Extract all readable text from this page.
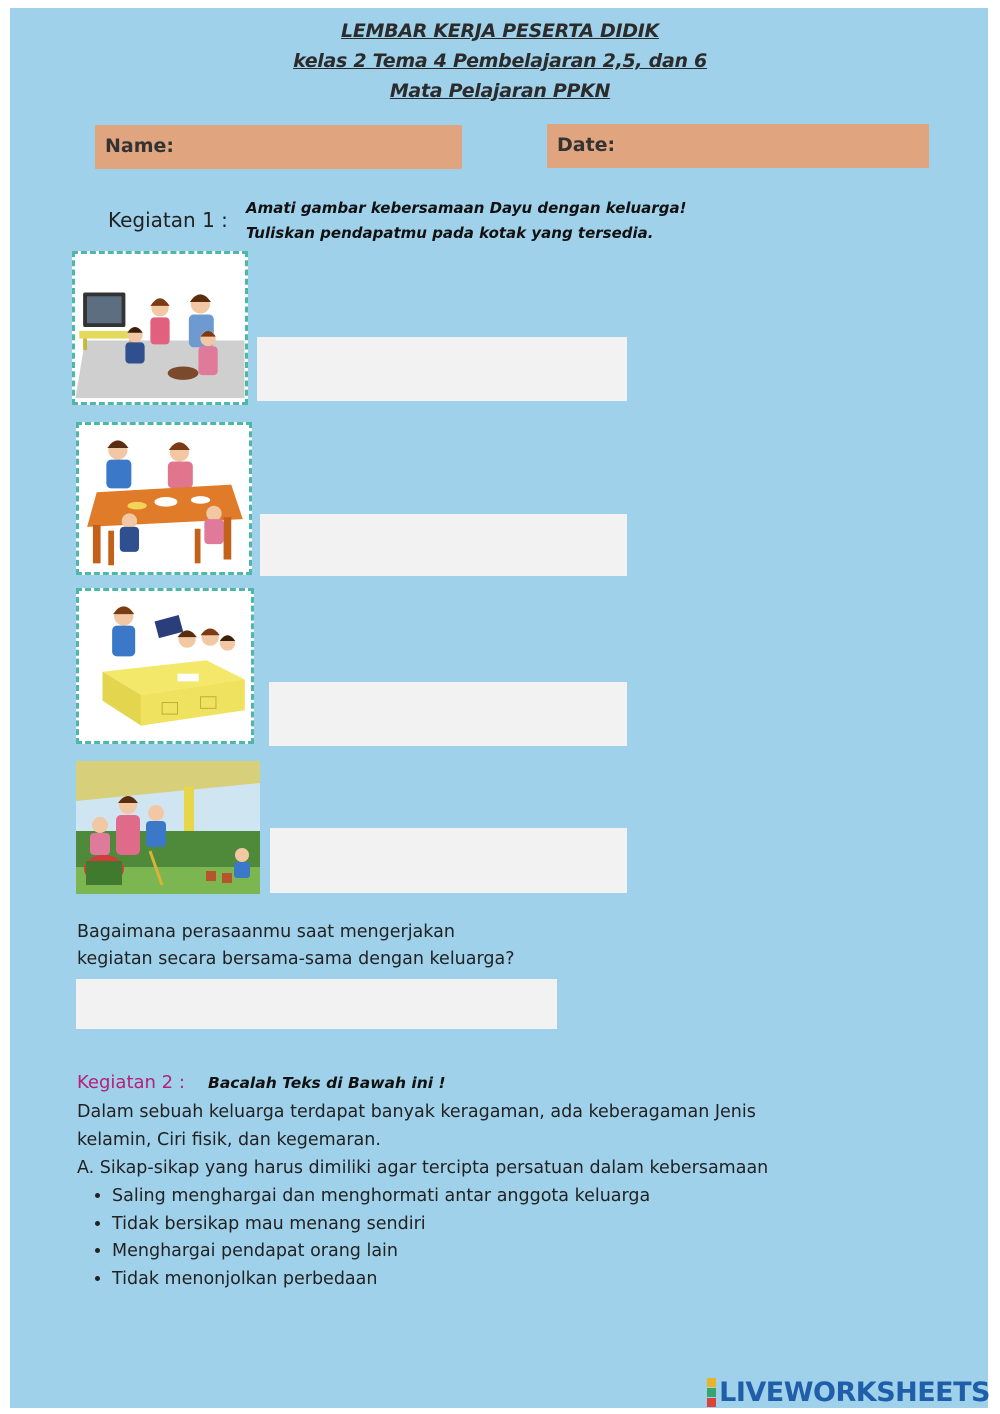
LEMBAR KERJA PESERTA DIDIK
kelas 2 Tema 4 Pembelajaran 2,5, dan 6
Mata Pelajaran PPKN
Name:	Date:
Kegiatan 1 : Amati gambar kebersamaan Dayu dengan keluarga!
Tuliskan pendapatmu pada kotak yang tersedia.
Bagaimana perasaanmu saat mengerjakan
kegiatan secara bersama-sama dengan keluarga?
Kegiatan 2 : Bacalah Teks di Bawah ini !
Dalam sebuah keluarga terdapat banyak keragaman, ada keberagaman Jenis
kelamin, Ciri fisik, dan kegemaran.
A. Sikap-sikap yang harus dimiliki agar tercipta persatuan dalam kebersamaan
• Saling menghargai dan menghormati antar anggota keluarga
• Tidak bersikap mau menang sendiri
• Menghargai pendapat orang lain
• Tidak menonjolkan perbedaan
LIVEWORKSHEETS
